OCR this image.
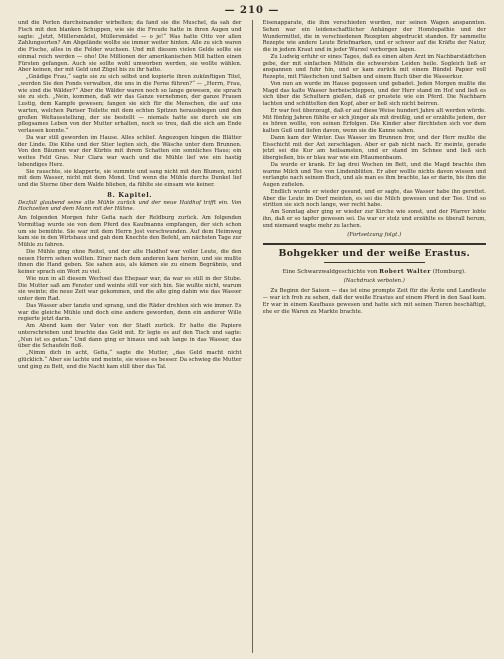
— 210 —

und die Perlen durcheinander wirbelten; da fand sie die Muschel, da sah der Fisch mit den blanken Schuppen, wie sie die Freude hatte in ihren Augen und sagte: „Jetzt, Müllersmädel, Müllersmädel — o je!“ Was hatte Otto vor allen Zahlungsorten? Am Abgelände wollte sie immer weiter hinten. Alle zu sich waren die Fische, alles in die Felder wuchsen. Und mit diesem vielen Gelde sollte sie einmal reich werden — oho! Die Millionen der amerikanischen Mill hatten einen Fürsten gefangen. Auch sie sollte wohl umworben werden, sie wollte wählen. Aber keinen, der mit Geld und Zügel bis zu ihr hatte.

„Gnädige Frau,“ sagte sie zu sich selbst und kopierte ihren zukünftigen Titel, „werden Sie den Fonds verwalten, die uns in die Ferne führen?“ — „Herrn, Frau, wie sind die Wälder?“ Aber die Wälder waren noch so lange gewesen, sie sprach sie zu sich. „Nein, kommen, daß wir das Ganze vernehmen, der ganze Frauen Lustig, dem Kampfe gewesen; fangen sie sich für die Menschen, die auf uns warten, welchen Pariser Toilette mit dem echten Spitzen herausbiegen und den großen Weltausstellung, der sie bestellt — niemals hatte sie durch sie ein pflegsames Leben von der Mutter erhalten, noch so treu, daß die sich am Ende verlassen konnte.“

Da war still geworden im Hause. Alles schlief. Angezogen hingen die Blätter der Linde. Die Kühe und der Stier legten sich, die Wäsche unter dem Brunnen. Von den Bäumen war der Kürbis mit ihrem Schatten ein sonnliches Haus; ein weites Feld Gras. Nur Clara war wach und die Mühle lief wie ein hastig lebendiges Herz.

Sie rauschte, sie klapperte, sie summte und sang nicht mit den Blumen, nicht mit dem Wasser, nicht mit dem Mond. Und wenn die Mühle durchs Dunkel lief und die Sterne über dem Walde blieben, da fühlte sie einsam wie keiner.

8. Kapitel.

Dezfall glaubend seine alte Mühle zurück und der neue Haidhof trifft ein. Von Hochzeiten und dem Mann mit der Hühne.

Am folgenden Morgen fuhr Gefia nach der Reldburg zurück. Am folgenden Vormittag wurde sie von dem Pferd des Kaufmanns empfangen, der sich schon um sie bemühte. Sie war mit dem Herrn Jost verschwunden. Auf dem Heimweg kam sie in den Wirtshaus und gab dem Knechte den Befehl, am nächsten Tage zur Mühle zu fahren.

Die Mühle ging ohne Reitel, und der alte Haidhof war voller Leute, die den neuen Herrn sehen wollten. Einer nach dem anderen kam herein, und sie mußte ihnen die Hand geben. Sie sahen aus, als kämen sie zu einem Begräbnis, und keiner sprach ein Wort zu viel.

Wie nun in all diesem Wechsel das Ehepaar war, da war es still in der Stube. Die Mutter saß am Fenster und weinte still vor sich hin. Sie wußte nicht, warum sie weinte; die neue Zeit war gekommen, und die alte ging dahin wie das Wasser unter dem Rad.

Das Wasser aber tanzte und sprang, und die Räder drehten sich wie immer. Es war die gleiche Mühle und doch eine andere geworden, denn ein anderer Wille regierte jetzt darin.

Am Abend kam der Vater von der Stadt zurück. Er hatte die Papiere unterschrieben und brachte das Geld mit. Er legte es auf den Tisch und sagte: „Nun ist es getan.“ Und dann ging er hinaus und sah lange in das Wasser, das über die Schaufeln floß.

„Nimm dich in acht, Gefia,“ sagte die Mutter, „das Geld macht nicht glücklich.“ Aber sie lachte und meinte, sie wisse es besser. Da schwieg die Mutter und ging zu Bett, und die Nacht kam still über das Tal.

Eisenapparate, die ihm verschieden wurden, nur seinen Wagen anspannten. Sehen war ein leidenschaftlicher Anhänger der Homöopathie und der Wundermittel, die in verschiedenen Rezepten abgedruckt standen. Er sammelte Rezepte wie andere Leute Briefmarken, und er schwor auf die Kräfte der Natur, die in jedem Kraut und in jeder Wurzel verborgen lagen.

Zu Ludwig erfuhr er eines Tages, daß es einen alten Arzt im Nachbarstädtchen gebe, der mit einfachen Mitteln die schwersten Leiden heile. Sogleich ließ er anspannen und fuhr hin, und er kam zurück mit einem Bündel Papier voll Rezepte, mit Fläschchen und Salben und einem Buch über die Wasserkur.

Von nun an wurde im Hause gegossen und gebadet. Jeden Morgen mußte die Magd das kalte Wasser herbeischleppen, und der Herr stand im Hof und ließ es sich über die Schultern gießen, daß er prustete wie ein Pferd. Die Nachbarn lachten und schüttelten den Kopf, aber er ließ sich nicht beirren.

Er war fest überzeugt, daß er auf diese Weise hundert Jahre alt werden würde. Mit fünfzig Jahren fühlte er sich jünger als mit dreißig, und er erzählte jedem, der es hören wollte, von seinen Erfolgen. Die Kinder aber fürchteten sich vor dem kalten Guß und liefen davon, wenn sie die Kanne sahen.

Dann kam der Winter. Das Wasser im Brunnen fror, und der Herr mußte die Eisschicht mit der Axt zerschlagen. Aber er gab nicht nach. Er meinte, gerade jetzt sei die Kur am heilsamsten, und er stand im Schnee und ließ sich übergießen, bis er blau war wie ein Pflaumenbaum.

Da wurde er krank. Er lag drei Wochen im Bett, und die Magd brachte ihm warme Milch und Tee von Lindenblüten. Er aber wollte nichts davon wissen und verlangte nach seinem Buch, und als man es ihm brachte, las er darin, bis ihm die Augen zufielen.

Endlich wurde er wieder gesund, und er sagte, das Wasser habe ihn gerettet. Aber die Leute im Dorf meinten, es sei die Milch gewesen und der Tee. Und so stritten sie sich noch lange, wer recht habe.

Am Sonntag aber ging er wieder zur Kirche wie sonst, und der Pfarrer lobte ihn, daß er so tapfer gewesen sei. Da war er stolz und erzählte es überall herum, und niemand wagte mehr zu lachen.

(Fortsetzung folgt.)
Bohgekker und der weiße Erastus.
Eine Schwarzwaldgeschichte von Robert Walter (Homburg).
(Nachdruck verboten.)

Zu Beginn der Saison — das ist eine prompte Zeit für die Ärzte und Landleute — war ich froh zu sehen, daß der weiße Erastus auf einem Pferd in den Saal kam. Er war in einem Kaufhaus gewesen und hatte sich mit seinen Tieren beschäftigt, ehe er die Waren zu Markte brachte.
